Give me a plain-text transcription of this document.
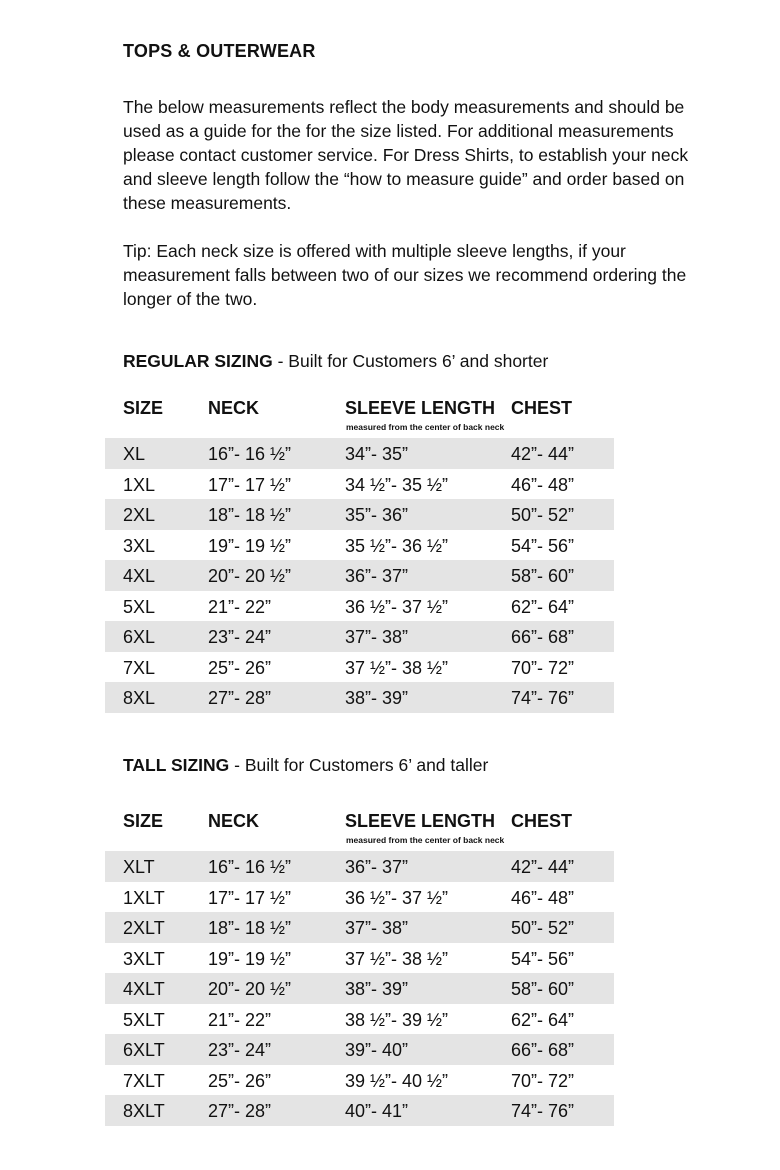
TOPS & OUTERWEAR

The below measurements reflect the body measurements and should be used as a guide for the for the size listed. For additional measurements please contact customer service. For Dress Shirts, to establish your neck and sleeve length follow the “how to measure guide” and order based on these measurements.

Tip: Each neck size is offered with multiple sleeve lengths, if your measurement falls between two of our sizes we recommend ordering the longer of the two.

REGULAR SIZING - Built for Customers 6’ and shorter
SIZE NECK	SLEEVE LENGTH CHEST
measured from the center of back neck
XL	16”- 16 ½”	34”- 35”	42”- 44”
1XL	17”- 17 ½”	34 ½”- 35 ½”	46”- 48”
2XL	18”- 18 ½”	35”- 36”	50”- 52”
3XL	19”- 19 ½”	35 ½”- 36 ½”	54”- 56”
4XL	20”- 20 ½”	36”- 37”	58”- 60”
5XL	21”- 22”	36 ½”- 37 ½”	62”- 64”
6XL	23”- 24”	37”- 38”	66”- 68”
7XL	25”- 26”	37 ½”- 38 ½”	70”- 72”
8XL	27”- 28”	38”- 39”	74”- 76”
TALL SIZING - Built for Customers 6’ and taller
SIZE NECK	SLEEVE LENGTH CHEST
measured from the center of back neck
XLT	16”- 16 ½”	36”- 37”	42”- 44”
1XLT 17”- 17 ½”	36 ½”- 37 ½”	46”- 48”
2XLT 18”- 18 ½”	37”- 38”	50”- 52”
3XLT 19”- 19 ½”	37 ½”- 38 ½”	54”- 56”
4XLT 20”- 20 ½”	38”- 39”	58”- 60”
5XLT 21”- 22”	38 ½”- 39 ½”	62”- 64”
6XLT 23”- 24”	39”- 40”	66”- 68”
7XLT 25”- 26”	39 ½”- 40 ½”	70”- 72”
8XLT 27”- 28”	40”- 41”	74”- 76”
